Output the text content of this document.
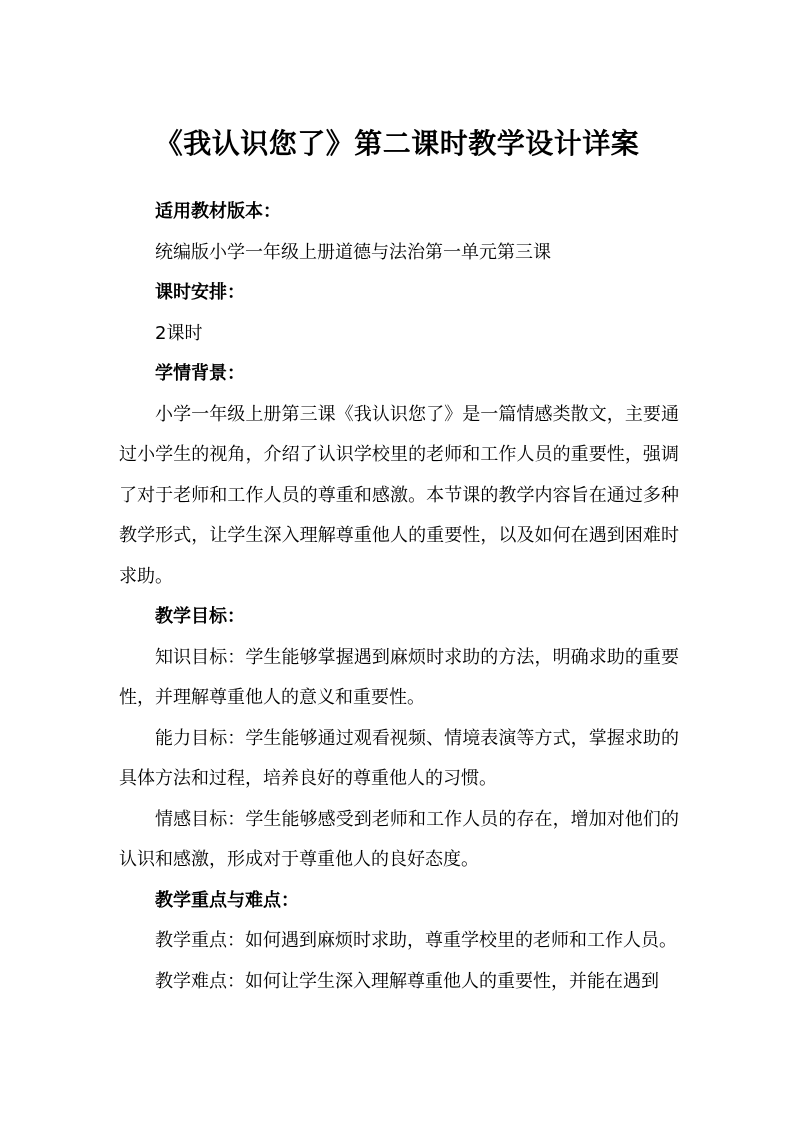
《我认识您了》第二课时教学设计详案

适用教材版本：

统编版小学一年级上册道德与法治第一单元第三课

课时安排：

2课时

学情背景：

小学一年级上册第三课《我认识您了》是一篇情感类散文，主要通过小学生的视角，介绍了认识学校里的老师和工作人员的重要性，强调了对于老师和工作人员的尊重和感激。本节课的教学内容旨在通过多种教学形式，让学生深入理解尊重他人的重要性，以及如何在遇到困难时求助。

教学目标：

知识目标：学生能够掌握遇到麻烦时求助的方法，明确求助的重要性，并理解尊重他人的意义和重要性。

能力目标：学生能够通过观看视频、情境表演等方式，掌握求助的具体方法和过程，培养良好的尊重他人的习惯。

情感目标：学生能够感受到老师和工作人员的存在，增加对他们的认识和感激，形成对于尊重他人的良好态度。

教学重点与难点：

教学重点：如何遇到麻烦时求助，尊重学校里的老师和工作人员。

教学难点：如何让学生深入理解尊重他人的重要性，并能在遇到
